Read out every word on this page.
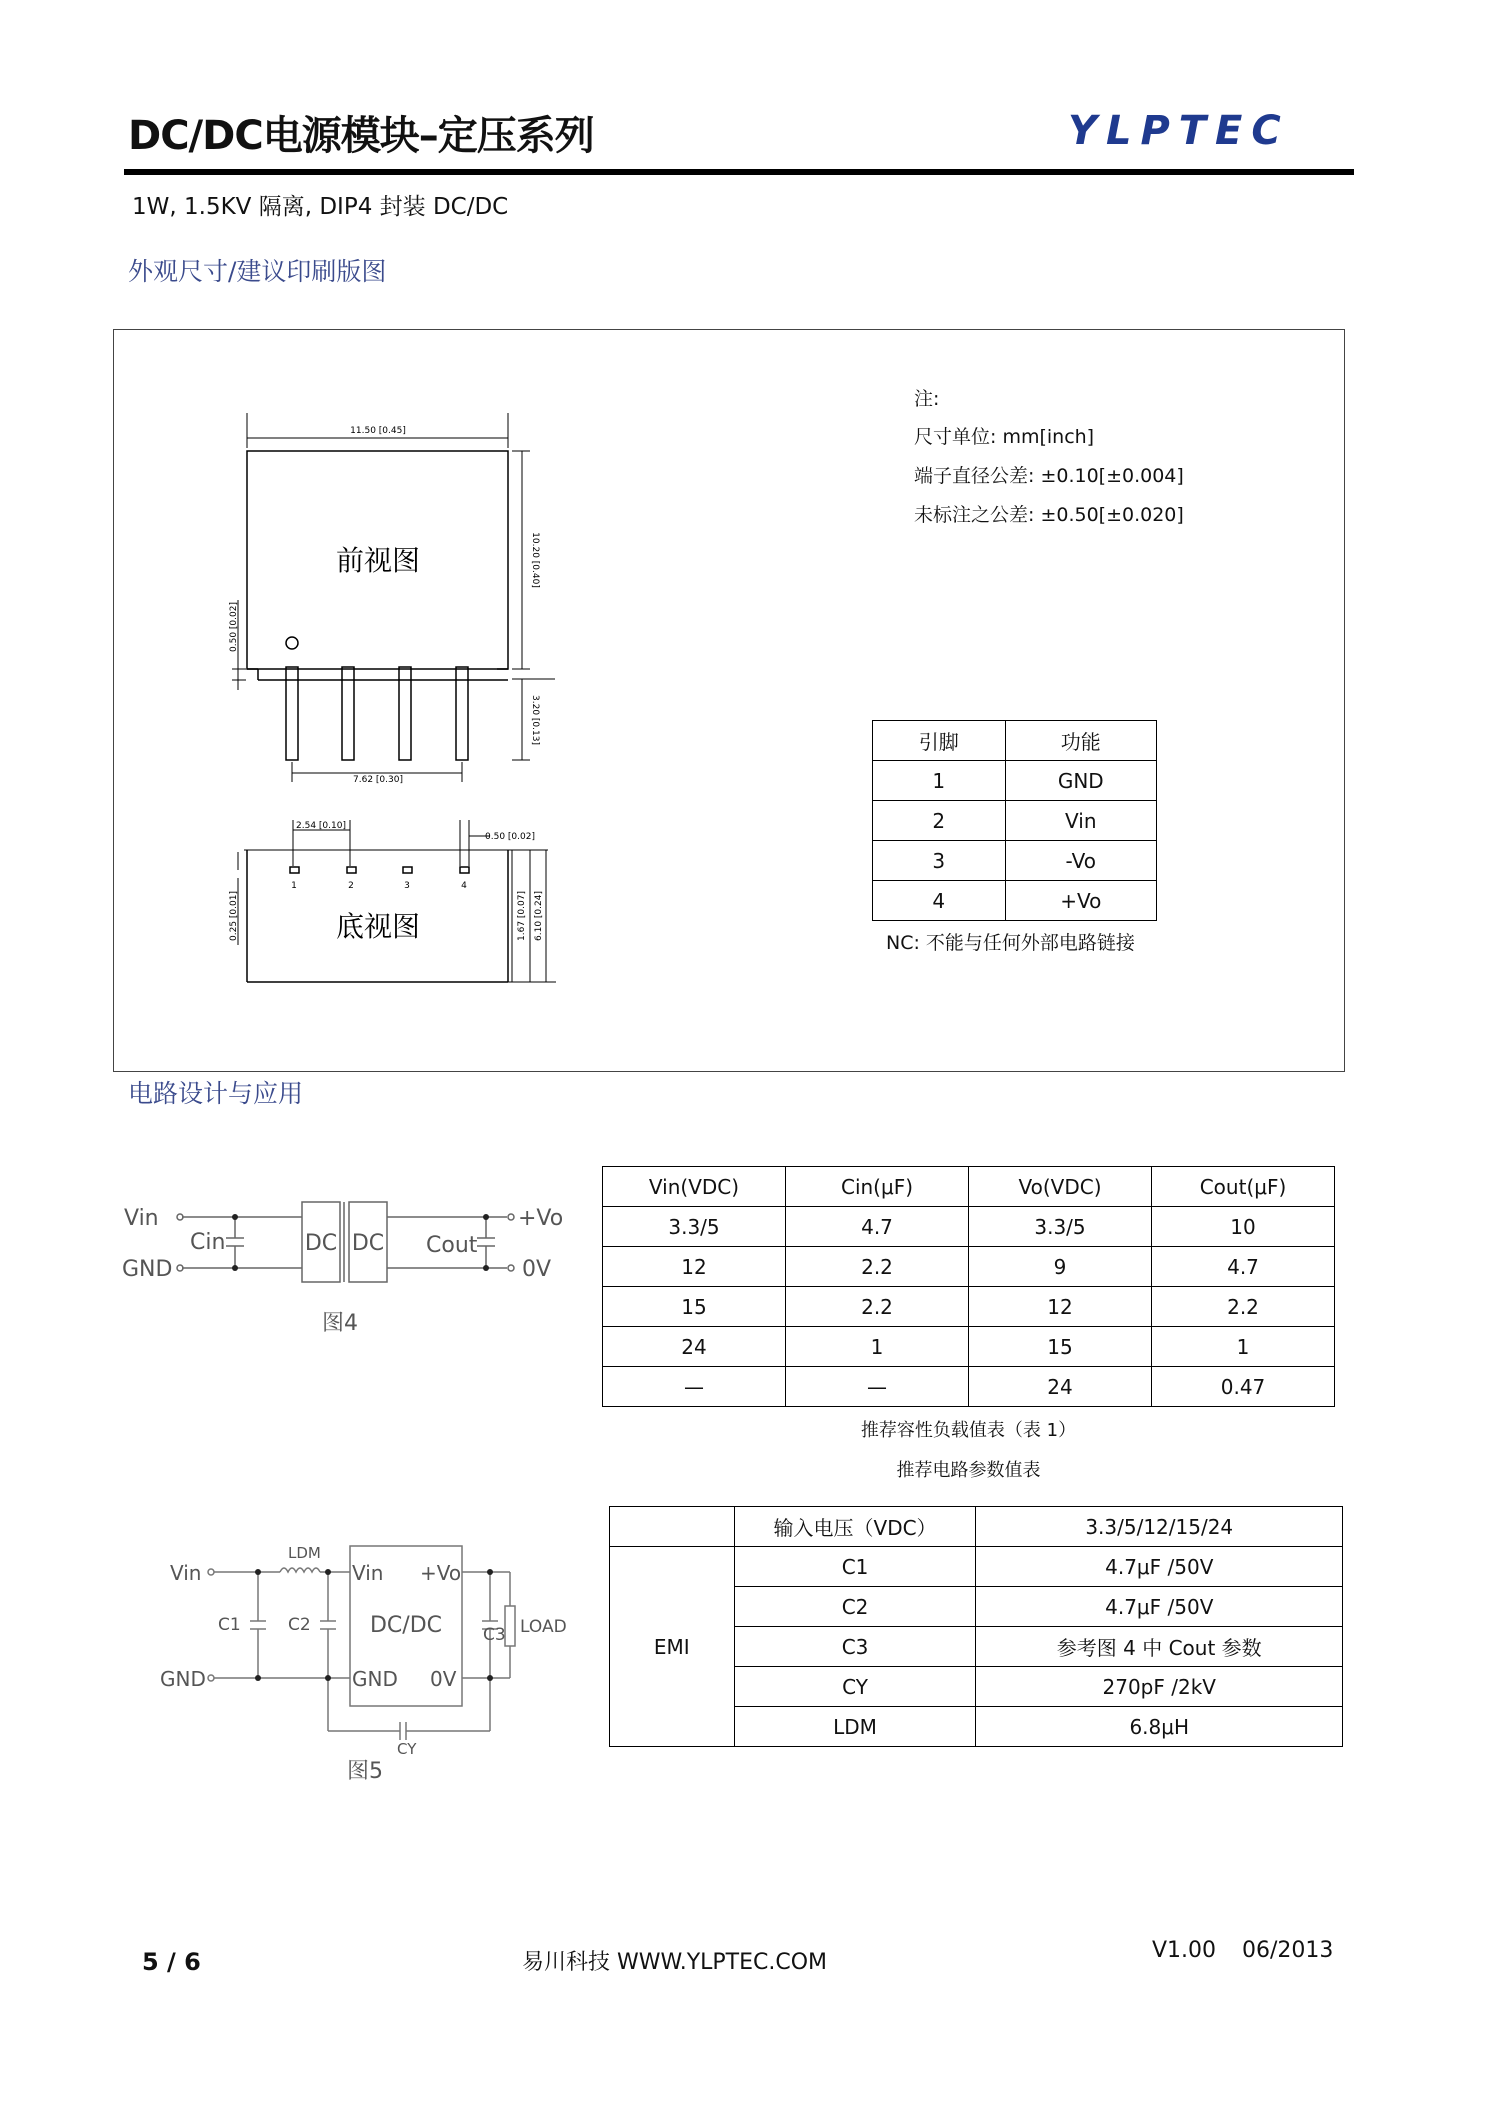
DC/DC电源模块–定压系列	YLPTEC
1W, 1.5KV 隔离, DIP4 封装 DC/DC
外观尺寸/建议印刷版图
前视图
底视图
11.50 [0.45]
10.20 [0.40]
3.20 [0.13]
0.50 [0.02]
7.62 [0.30]
2.54 [0.10]
0.50 [0.02]
0.25 [0.01]	1.67 [0.07] 6.10 [0.24]
1	2	3	4
注:
尺寸单位: mm[inch]
端子直径公差: ±0.10[±0.004]
未标注之公差: ±0.50[±0.020]
引脚	功能
1	GND
2	Vin
3	-Vo
4	+Vo
NC: 不能与任何外部电路链接
电路设计与应用
Vin
GND
Cin	DC DC Cout
+Vo
0V
图4
Vin(VDC)	Cin(μF)	Vo(VDC)	Cout(μF)
3.3/5	4.7	3.3/5	10
12	2.2	9	4.7
15	2.2	12	2.2
24	1	15	1
—	—	24	0.47
推荐容性负载值表（表 1）
推荐电路参数值表
Vin
GND
LDM
C1	C2
Vin +Vo
DC/DC
GND 0V
C3 LOAD
CY
图5
	输入电压（VDC）	3.3/5/12/15/24
EMI	C1	4.7μF /50V
	C2	4.7μF /50V
	C3	参考图 4 中 Cout 参数
	CY	270pF /2kV
	LDM	6.8μH
5 / 6	易川科技 WWW.YLPTEC.COM	V1.00 06/2013
